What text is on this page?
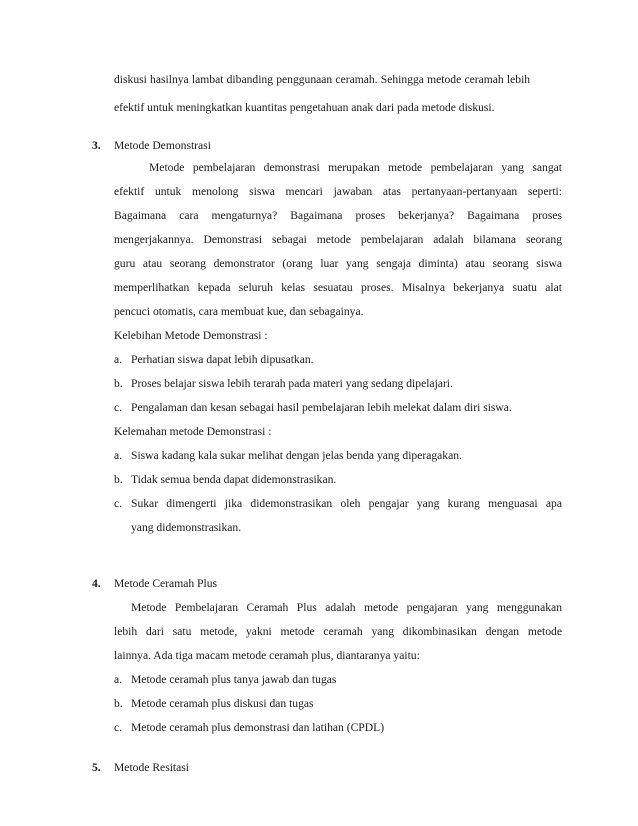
diskusi hasilnya lambat dibanding penggunaan ceramah. Sehingga metode ceramah lebih
efektif untuk meningkatkan kuantitas pengetahuan anak dari pada metode diskusi.
3. Metode Demonstrasi
Metode pembelajaran demonstrasi merupakan metode pembelajaran yang sangat
efektif untuk menolong siswa mencari jawaban atas pertanyaan-pertanyaan seperti:
Bagaimana cara mengaturnya? Bagaimana proses bekerjanya? Bagaimana proses
mengerjakannya. Demonstrasi sebagai metode pembelajaran adalah bilamana seorang
guru atau seorang demonstrator (orang luar yang sengaja diminta) atau seorang siswa
memperlihatkan kepada seluruh kelas sesuatau proses. Misalnya bekerjanya suatu alat
pencuci otomatis, cara membuat kue, dan sebagainya.
Kelebihan Metode Demonstrasi :
a. Perhatian siswa dapat lebih dipusatkan.
b. Proses belajar siswa lebih terarah pada materi yang sedang dipelajari.
c. Pengalaman dan kesan sebagai hasil pembelajaran lebih melekat dalam diri siswa.
Kelemahan metode Demonstrasi :
a. Siswa kadang kala sukar melihat dengan jelas benda yang diperagakan.
b. Tidak semua benda dapat didemonstrasikan.
c. Sukar dimengerti jika didemonstrasikan oleh pengajar yang kurang menguasai apa
yang didemonstrasikan.
4. Metode Ceramah Plus
Metode Pembelajaran Ceramah Plus adalah metode pengajaran yang menggunakan
lebih dari satu metode, yakni metode ceramah yang dikombinasikan dengan metode
lainnya. Ada tiga macam metode ceramah plus, diantaranya yaitu:
a. Metode ceramah plus tanya jawab dan tugas
b. Metode ceramah plus diskusi dan tugas
c. Metode ceramah plus demonstrasi dan latihan (CPDL)
5. Metode Resitasi
